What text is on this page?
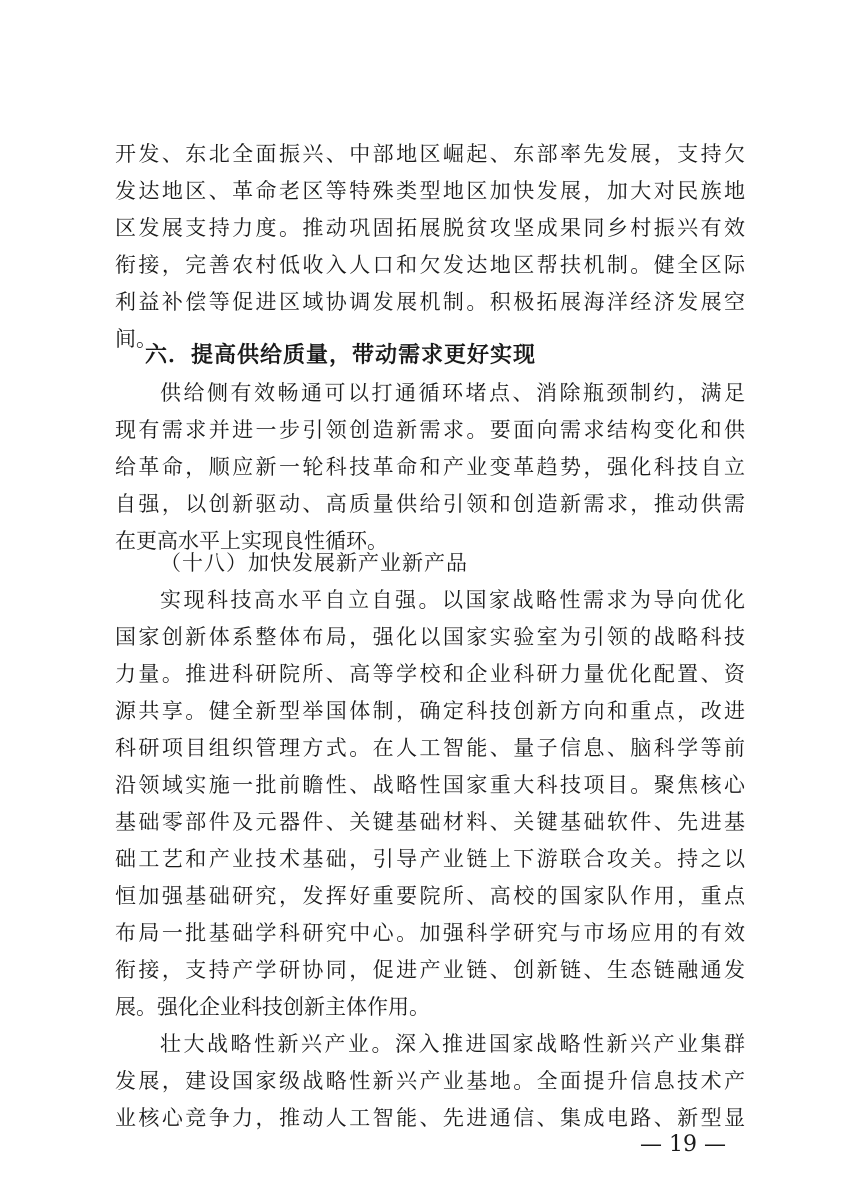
开发、东北全面振兴、中部地区崛起、东部率先发展，支持欠
发达地区、革命老区等特殊类型地区加快发展，加大对民族地
区发展支持力度。推动巩固拓展脱贫攻坚成果同乡村振兴有效
衔接，完善农村低收入人口和欠发达地区帮扶机制。健全区际
利益补偿等促进区域协调发展机制。积极拓展海洋经济发展空
间。
六．提高供给质量，带动需求更好实现
供给侧有效畅通可以打通循环堵点、消除瓶颈制约，满足
现有需求并进一步引领创造新需求。要面向需求结构变化和供
给革命，顺应新一轮科技革命和产业变革趋势，强化科技自立
自强，以创新驱动、高质量供给引领和创造新需求，推动供需
在更高水平上实现良性循环。
（十八）加快发展新产业新产品
实现科技高水平自立自强。以国家战略性需求为导向优化
国家创新体系整体布局，强化以国家实验室为引领的战略科技
力量。推进科研院所、高等学校和企业科研力量优化配置、资
源共享。健全新型举国体制，确定科技创新方向和重点，改进
科研项目组织管理方式。在人工智能、量子信息、脑科学等前
沿领域实施一批前瞻性、战略性国家重大科技项目。聚焦核心
基础零部件及元器件、关键基础材料、关键基础软件、先进基
础工艺和产业技术基础，引导产业链上下游联合攻关。持之以
恒加强基础研究，发挥好重要院所、高校的国家队作用，重点
布局一批基础学科研究中心。加强科学研究与市场应用的有效
衔接，支持产学研协同，促进产业链、创新链、生态链融通发
展。强化企业科技创新主体作用。
壮大战略性新兴产业。深入推进国家战略性新兴产业集群
发展，建设国家级战略性新兴产业基地。全面提升信息技术产
业核心竞争力，推动人工智能、先进通信、集成电路、新型显
— 19 —
